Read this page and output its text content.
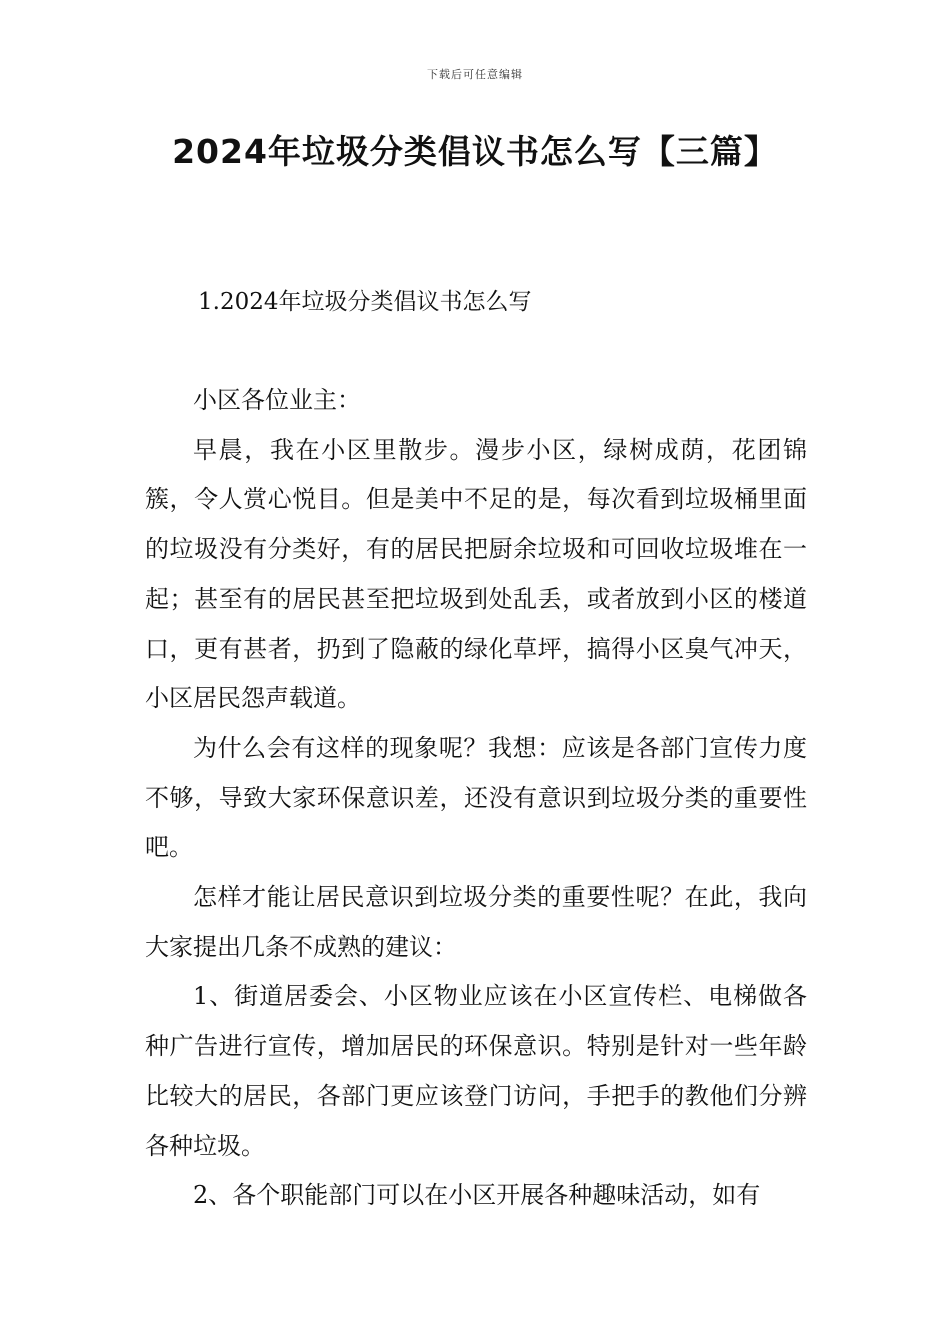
下载后可任意编辑
2024年垃圾分类倡议书怎么写【三篇】
1.2024年垃圾分类倡议书怎么写

小区各位业主：

早晨，我在小区里散步。漫步小区，绿树成荫，花团锦簇，令人赏心悦目。但是美中不足的是，每次看到垃圾桶里面的垃圾没有分类好，有的居民把厨余垃圾和可回收垃圾堆在一起；甚至有的居民甚至把垃圾到处乱丢，或者放到小区的楼道口，更有甚者，扔到了隐蔽的绿化草坪，搞得小区臭气冲天，小区居民怨声载道。

为什么会有这样的现象呢？我想：应该是各部门宣传力度不够，导致大家环保意识差，还没有意识到垃圾分类的重要性吧。

怎样才能让居民意识到垃圾分类的重要性呢？在此，我向大家提出几条不成熟的建议：

1、街道居委会、小区物业应该在小区宣传栏、电梯做各种广告进行宣传，增加居民的环保意识。特别是针对一些年龄比较大的居民，各部门更应该登门访问，手把手的教他们分辨各种垃圾。

2、各个职能部门可以在小区开展各种趣味活动，如有
